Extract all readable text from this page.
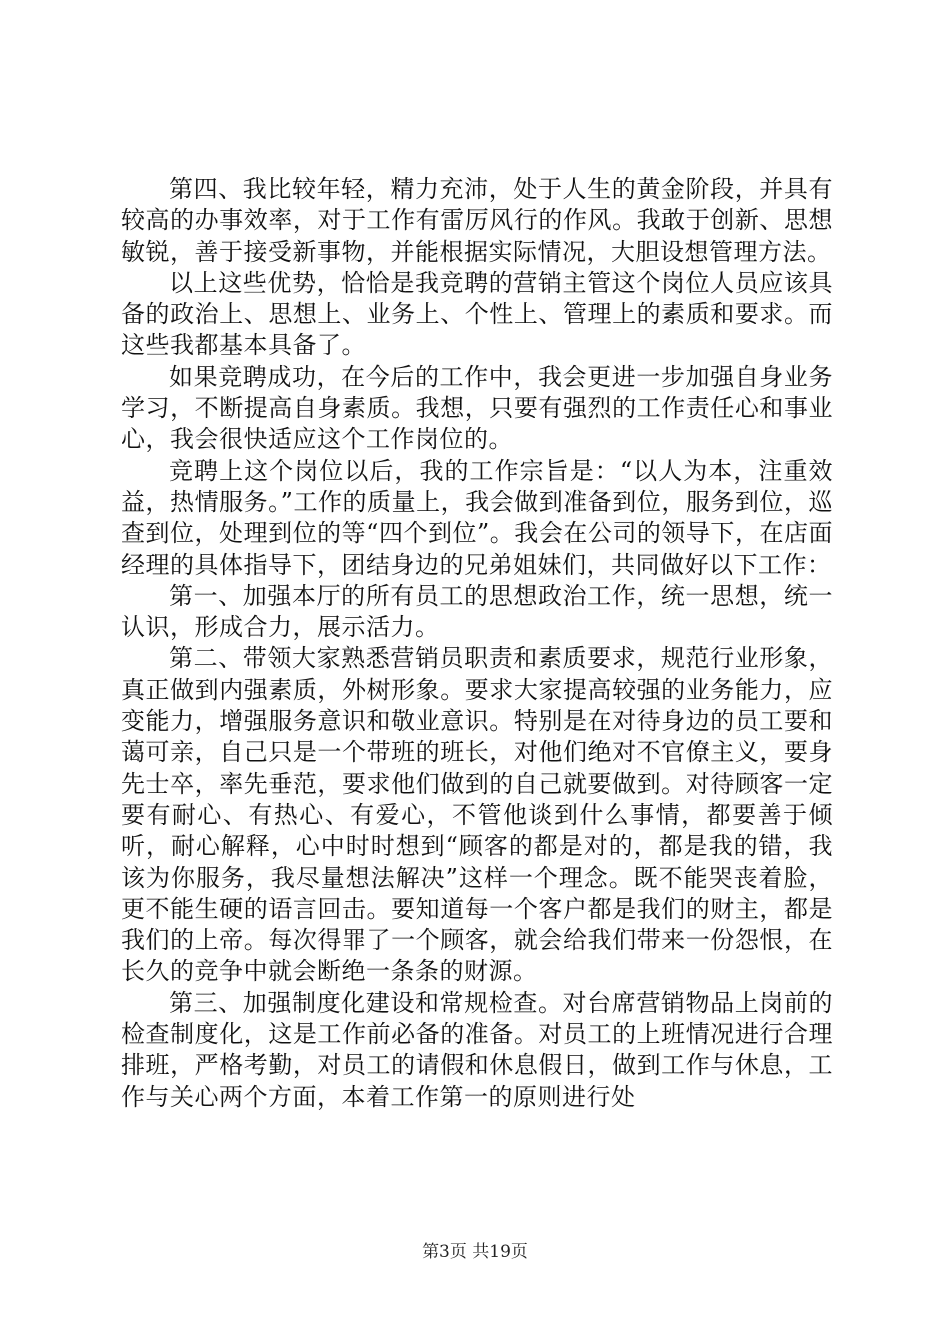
第四、我比较年轻，精力充沛，处于人生的黄金阶段，并具有较高的办事效率，对于工作有雷厉风行的作风。我敢于创新、思想敏锐，善于接受新事物，并能根据实际情况，大胆设想管理方法。

以上这些优势，恰恰是我竞聘的营销主管这个岗位人员应该具备的政治上、思想上、业务上、个性上、管理上的素质和要求。而这些我都基本具备了。

如果竞聘成功，在今后的工作中，我会更进一步加强自身业务学习，不断提高自身素质。我想，只要有强烈的工作责任心和事业心，我会很快适应这个工作岗位的。

竞聘上这个岗位以后，我的工作宗旨是：“以人为本，注重效益，热情服务。”工作的质量上，我会做到准备到位，服务到位，巡查到位，处理到位的等“四个到位”。我会在公司的领导下，在店面经理的具体指导下，团结身边的兄弟姐妹们，共同做好以下工作：

第一、加强本厅的所有员工的思想政治工作，统一思想，统一认识，形成合力，展示活力。

第二、带领大家熟悉营销员职责和素质要求，规范行业形象，真正做到内强素质，外树形象。要求大家提高较强的业务能力，应变能力，增强服务意识和敬业意识。特别是在对待身边的员工要和蔼可亲，自己只是一个带班的班长，对他们绝对不官僚主义，要身先士卒，率先垂范，要求他们做到的自己就要做到。对待顾客一定要有耐心、有热心、有爱心，不管他谈到什么事情，都要善于倾听，耐心解释，心中时时想到“顾客的都是对的，都是我的错，我该为你服务，我尽量想法解决”这样一个理念。既不能哭丧着脸，更不能生硬的语言回击。要知道每一个客户都是我们的财主，都是我们的上帝。每次得罪了一个顾客，就会给我们带来一份怨恨，在长久的竞争中就会断绝一条条的财源。

第三、加强制度化建设和常规检查。对台席营销物品上岗前的检查制度化，这是工作前必备的准备。对员工的上班情况进行合理排班，严格考勤，对员工的请假和休息假日，做到工作与休息，工作与关心两个方面，本着工作第一的原则进行处

第3页 共19页
